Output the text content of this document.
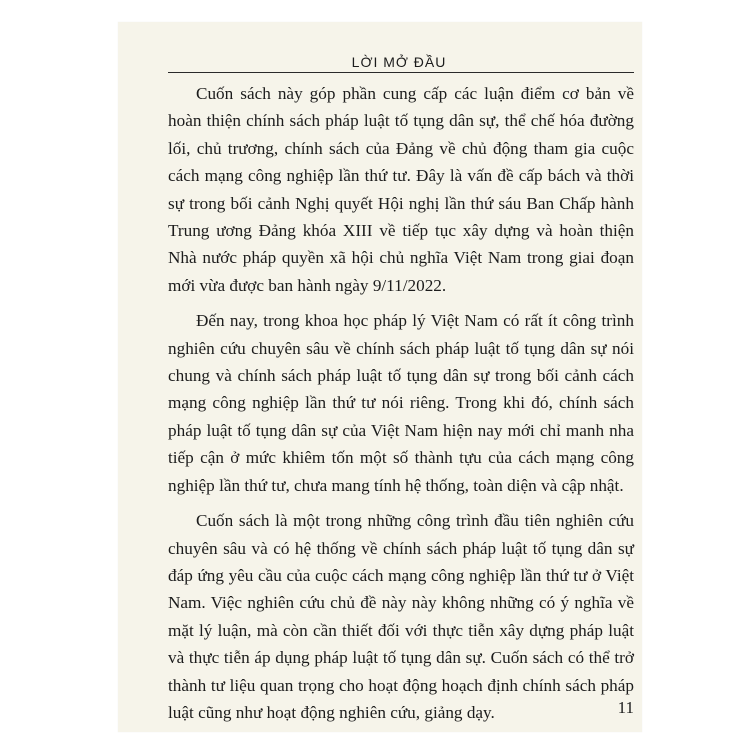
LỜI MỞ ĐẦU

Cuốn sách này góp phần cung cấp các luận điểm cơ bản về hoàn thiện chính sách pháp luật tố tụng dân sự, thể chế hóa đường lối, chủ trương, chính sách của Đảng về chủ động tham gia cuộc cách mạng công nghiệp lần thứ tư. Đây là vấn đề cấp bách và thời sự trong bối cảnh Nghị quyết Hội nghị lần thứ sáu Ban Chấp hành Trung ương Đảng khóa XIII về tiếp tục xây dựng và hoàn thiện Nhà nước pháp quyền xã hội chủ nghĩa Việt Nam trong giai đoạn mới vừa được ban hành ngày 9/11/2022.

Đến nay, trong khoa học pháp lý Việt Nam có rất ít công trình nghiên cứu chuyên sâu về chính sách pháp luật tố tụng dân sự nói chung và chính sách pháp luật tố tụng dân sự trong bối cảnh cách mạng công nghiệp lần thứ tư nói riêng. Trong khi đó, chính sách pháp luật tố tụng dân sự của Việt Nam hiện nay mới chỉ manh nha tiếp cận ở mức khiêm tốn một số thành tựu của cách mạng công nghiệp lần thứ tư, chưa mang tính hệ thống, toàn diện và cập nhật.

Cuốn sách là một trong những công trình đầu tiên nghiên cứu chuyên sâu và có hệ thống về chính sách pháp luật tố tụng dân sự đáp ứng yêu cầu của cuộc cách mạng công nghiệp lần thứ tư ở Việt Nam. Việc nghiên cứu chủ đề này này không những có ý nghĩa về mặt lý luận, mà còn cần thiết đối với thực tiễn xây dựng pháp luật và thực tiễn áp dụng pháp luật tố tụng dân sự. Cuốn sách có thể trở thành tư liệu quan trọng cho hoạt động hoạch định chính sách pháp luật cũng như hoạt động nghiên cứu, giảng dạy.	11
